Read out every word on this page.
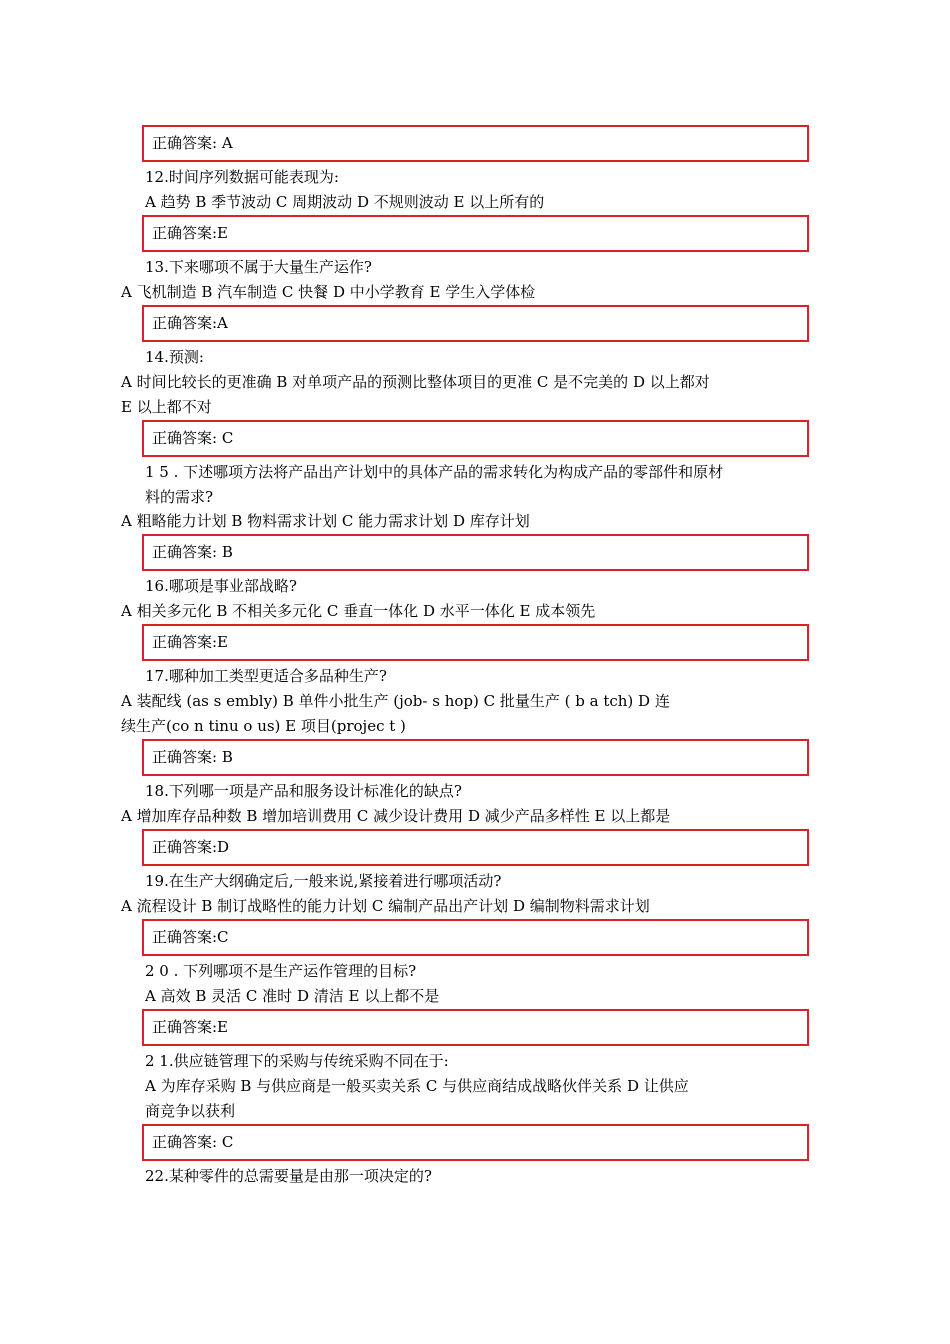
正确答案: A
12.时间序列数据可能表现为:
A 趋势 B 季节波动 C 周期波动 D 不规则波动 E 以上所有的
正确答案:E
13.下来哪项不属于大量生产运作?
A 飞机制造 B 汽车制造 C 快餐 D 中小学教育 E 学生入学体检
正确答案:A
14.预测:
A 时间比较长的更准确 B 对单项产品的预测比整体项目的更准 C 是不完美的 D 以上都对
E 以上都不对
正确答案: C
1 5 . 下述哪项方法将产品出产计划中的具体产品的需求转化为构成产品的零部件和原材
料的需求?
A 粗略能力计划 B 物料需求计划 C 能力需求计划 D 库存计划
正确答案: B
16.哪项是事业部战略?
A 相关多元化 B 不相关多元化 C 垂直一体化 D 水平一体化 E 成本领先
正确答案:E
17.哪种加工类型更适合多品种生产?
A 装配线 (as s embly) B 单件小批生产 (job- s hop) C 批量生产 ( b a tch) D 连
续生产(co n tinu o us) E 项目(projec t )
正确答案: B
18.下列哪一项是产品和服务设计标准化的缺点?
A 增加库存品种数 B 增加培训费用 C 减少设计费用 D 减少产品多样性 E 以上都是
正确答案:D
19.在生产大纲确定后,一般来说,紧接着进行哪项活动?
A 流程设计 B 制订战略性的能力计划 C 编制产品出产计划 D 编制物料需求计划
正确答案:C
2 0 . 下列哪项不是生产运作管理的目标?
A 高效 B 灵活 C 准时 D 清洁 E 以上都不是
正确答案:E
2 1.供应链管理下的采购与传统采购不同在于:
A 为库存采购 B 与供应商是一般买卖关系 C 与供应商结成战略伙伴关系 D 让供应
商竞争以获利
正确答案: C
22.某种零件的总需要量是由那一项决定的?
